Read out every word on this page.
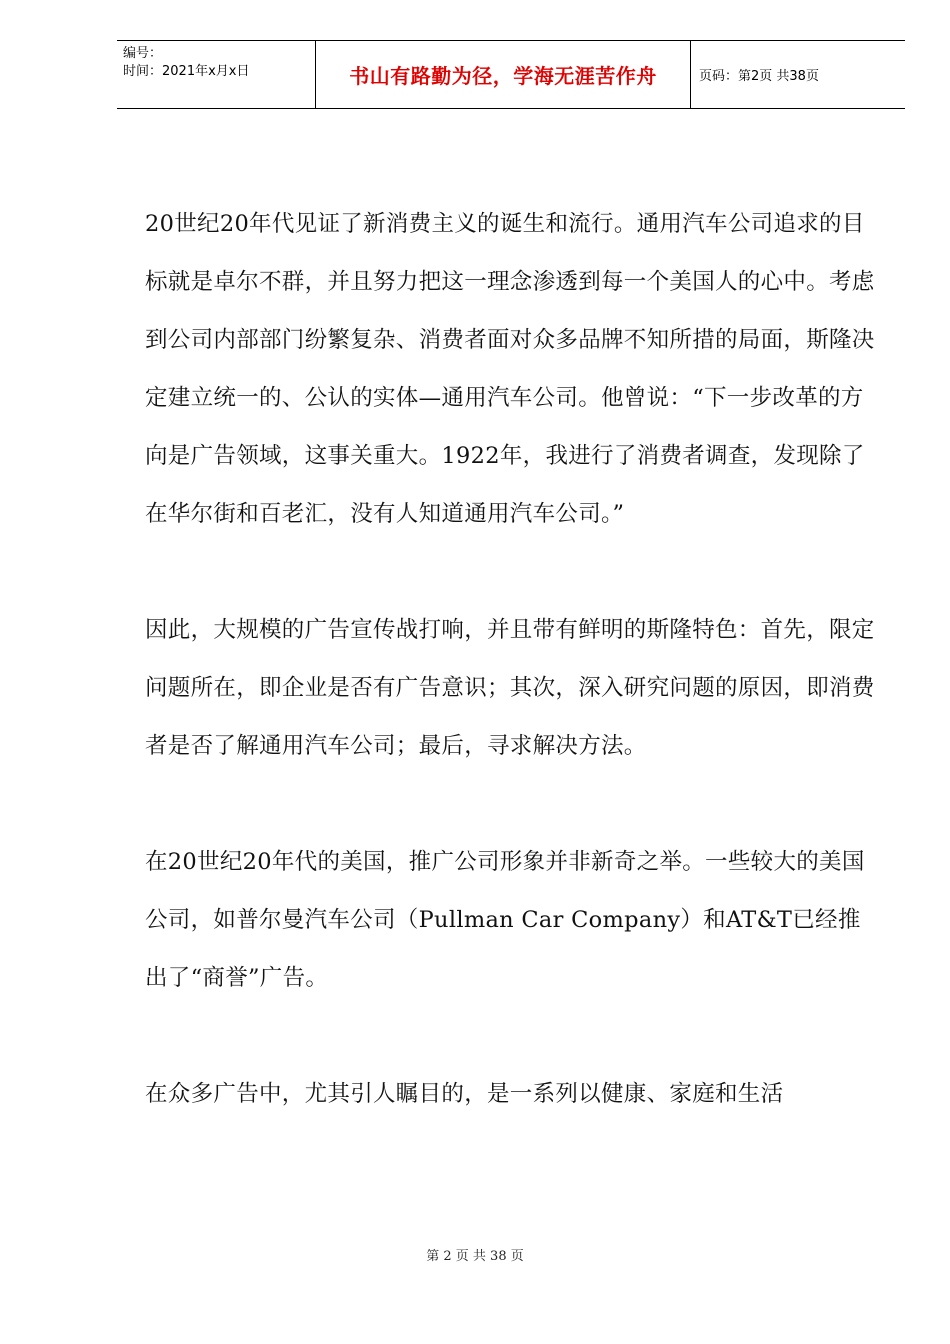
编号：
时间：2021年x月x日	书山有路勤为径，学海无涯苦作舟	页码：第2页 共38页

20世纪20年代见证了新消费主义的诞生和流行。通用汽车公司追求的目标就是卓尔不群，并且努力把这一理念渗透到每一个美国人的心中。考虑到公司内部部门纷繁复杂、消费者面对众多品牌不知所措的局面，斯隆决定建立统一的、公认的实体—通用汽车公司。他曾说：“下一步改革的方向是广告领域，这事关重大。1922年，我进行了消费者调查，发现除了在华尔街和百老汇，没有人知道通用汽车公司。”

因此，大规模的广告宣传战打响，并且带有鲜明的斯隆特色：首先，限定问题所在，即企业是否有广告意识；其次，深入研究问题的原因，即消费者是否了解通用汽车公司；最后，寻求解决方法。

在20世纪20年代的美国，推广公司形象并非新奇之举。一些较大的美国公司，如普尔曼汽车公司（Pullman Car Company）和AT&T已经推出了“商誉”广告。

在众多广告中，尤其引人瞩目的，是一系列以健康、家庭和生活

第 2 页 共 38 页
